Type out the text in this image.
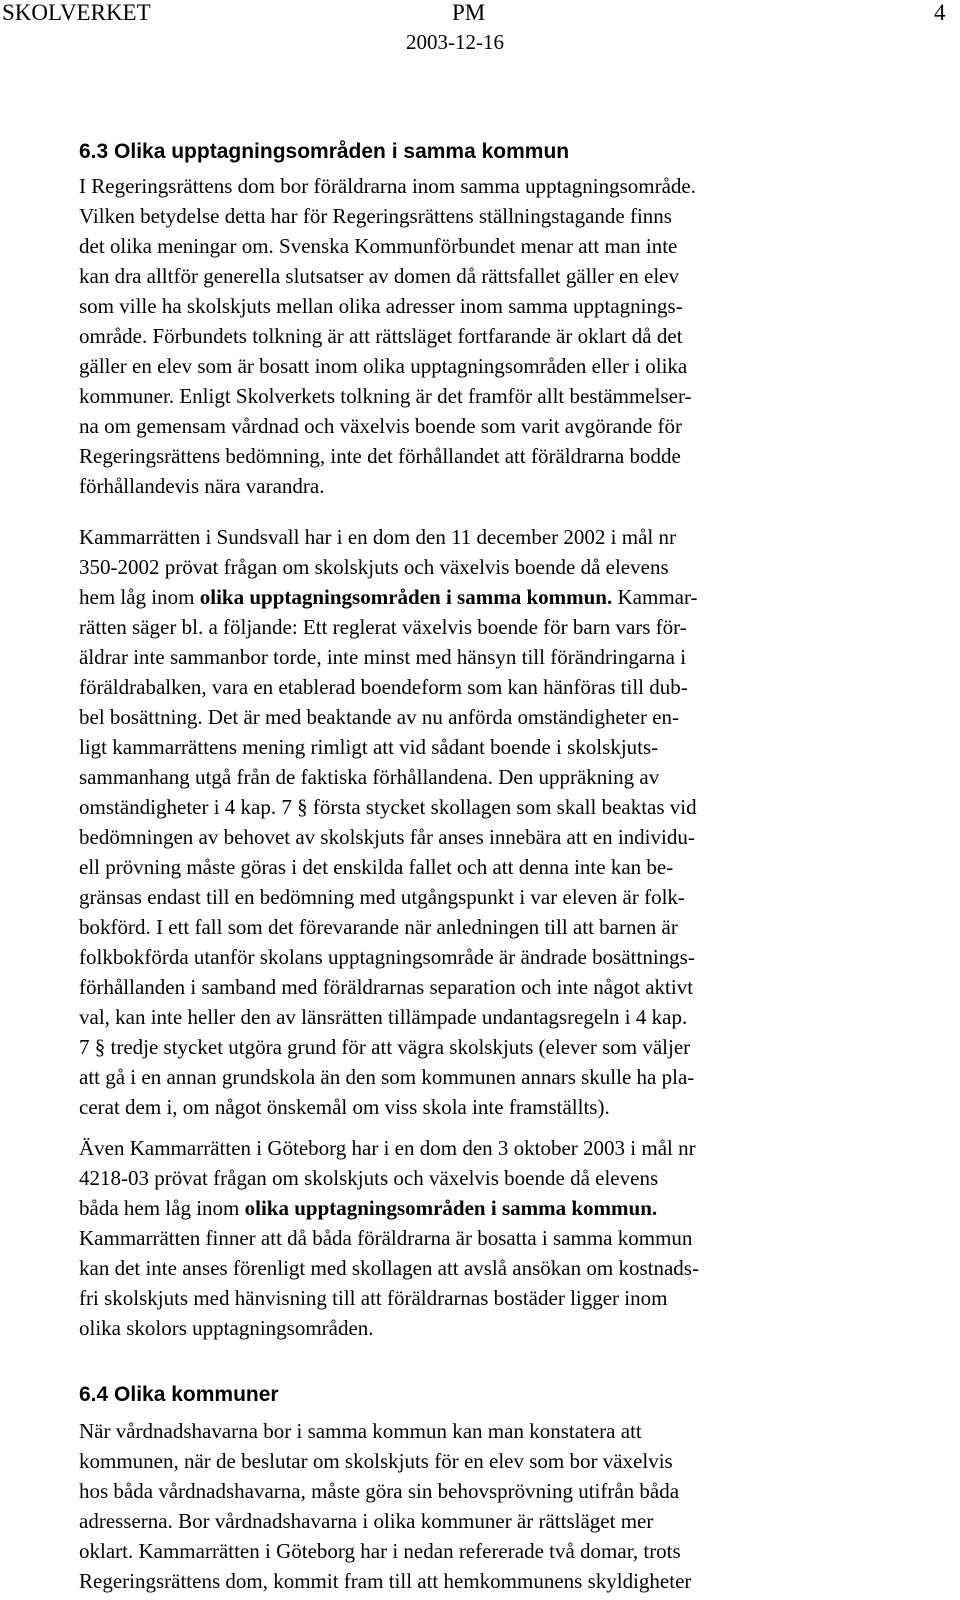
SKOLVERKET	PM	4
2003-12-16
6.3 Olika upptagningsområden i samma kommun
I Regeringsrättens dom bor föräldrarna inom samma upptagningsområde.
Vilken betydelse detta har för Regeringsrättens ställningstagande finns
det olika meningar om. Svenska Kommunförbundet menar att man inte
kan dra alltför generella slutsatser av domen då rättsfallet gäller en elev
som ville ha skolskjuts mellan olika adresser inom samma upptagnings-
område. Förbundets tolkning är att rättsläget fortfarande är oklart då det
gäller en elev som är bosatt inom olika upptagningsområden eller i olika
kommuner. Enligt Skolverkets tolkning är det framför allt bestämmelser-
na om gemensam vårdnad och växelvis boende som varit avgörande för
Regeringsrättens bedömning, inte det förhållandet att föräldrarna bodde
förhållandevis nära varandra.
Kammarrätten i Sundsvall har i en dom den 11 december 2002 i mål nr
350-2002 prövat frågan om skolskjuts och växelvis boende då elevens
hem låg inom olika upptagningsområden i samma kommun. Kammar-
rätten säger bl. a följande: Ett reglerat växelvis boende för barn vars för-
äldrar inte sammanbor torde, inte minst med hänsyn till förändringarna i
föräldrabalken, vara en etablerad boendeform som kan hänföras till dub-
bel bosättning. Det är med beaktande av nu anförda omständigheter en-
ligt kammarrättens mening rimligt att vid sådant boende i skolskjuts-
sammanhang utgå från de faktiska förhållandena. Den uppräkning av
omständigheter i 4 kap. 7 § första stycket skollagen som skall beaktas vid
bedömningen av behovet av skolskjuts får anses innebära att en individu-
ell prövning måste göras i det enskilda fallet och att denna inte kan be-
gränsas endast till en bedömning med utgångspunkt i var eleven är folk-
bokförd. I ett fall som det förevarande när anledningen till att barnen är
folkbokförda utanför skolans upptagningsområde är ändrade bosättnings-
förhållanden i samband med föräldrarnas separation och inte något aktivt
val, kan inte heller den av länsrätten tillämpade undantagsregeln i 4 kap.
7 § tredje stycket utgöra grund för att vägra skolskjuts (elever som väljer
att gå i en annan grundskola än den som kommunen annars skulle ha pla-
cerat dem i, om något önskemål om viss skola inte framställts).
Även Kammarrätten i Göteborg har i en dom den 3 oktober 2003 i mål nr
4218-03 prövat frågan om skolskjuts och växelvis boende då elevens
båda hem låg inom olika upptagningsområden i samma kommun.
Kammarrätten finner att då båda föräldrarna är bosatta i samma kommun
kan det inte anses förenligt med skollagen att avslå ansökan om kostnads-
fri skolskjuts med hänvisning till att föräldrarnas bostäder ligger inom
olika skolors upptagningsområden.
6.4 Olika kommuner
När vårdnadshavarna bor i samma kommun kan man konstatera att
kommunen, när de beslutar om skolskjuts för en elev som bor växelvis
hos båda vårdnadshavarna, måste göra sin behovsprövning utifrån båda
adresserna. Bor vårdnadshavarna i olika kommuner är rättsläget mer
oklart. Kammarrätten i Göteborg har i nedan refererade två domar, trots
Regeringsrättens dom, kommit fram till att hemkommunens skyldigheter
